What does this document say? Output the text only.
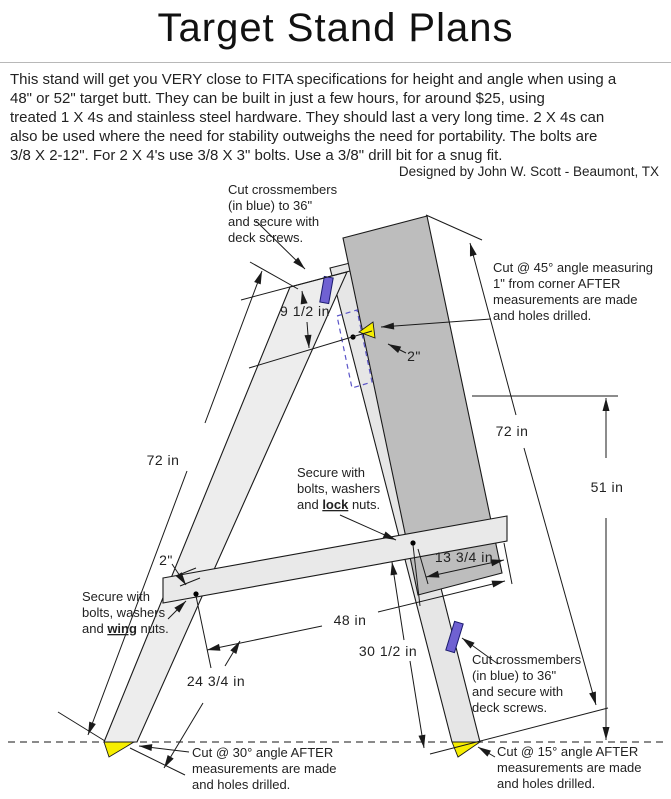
Target Stand Plans
This stand will get you VERY close to FITA specifications for height and angle when using a
48" or 52" target butt. They can be built in just a few hours, for around $25, using
treated 1 X 4s and stainless steel hardware. They should last a very long time. 2 X 4s can
also be used where the need for stability outweighs the need for portability. The bolts are
3/8 X 2-12". For 2 X 4's use 3/8 X 3" bolts. Use a 3/8" drill bit for a snug fit.
Designed by John W. Scott - Beaumont, TX
9 1/2 in
72 in
72 in
51 in
13 3/4 in
48 in
24 3/4 in
30 1/2 in
2"
2"
Cut crossmembers
(in blue) to 36"
and secure with
deck screws.
Cut @ 45° angle measuring
1" from corner AFTER
measurements are made
and holes drilled.
Secure with
bolts, washers
and lock nuts.
Secure with
bolts, washers
and wing nuts.
Cut crossmembers
(in blue) to 36"
and secure with
deck screws.
Cut @ 30° angle AFTER
measurements are made
and holes drilled.
Cut @ 15° angle AFTER
measurements are made
and holes drilled.
